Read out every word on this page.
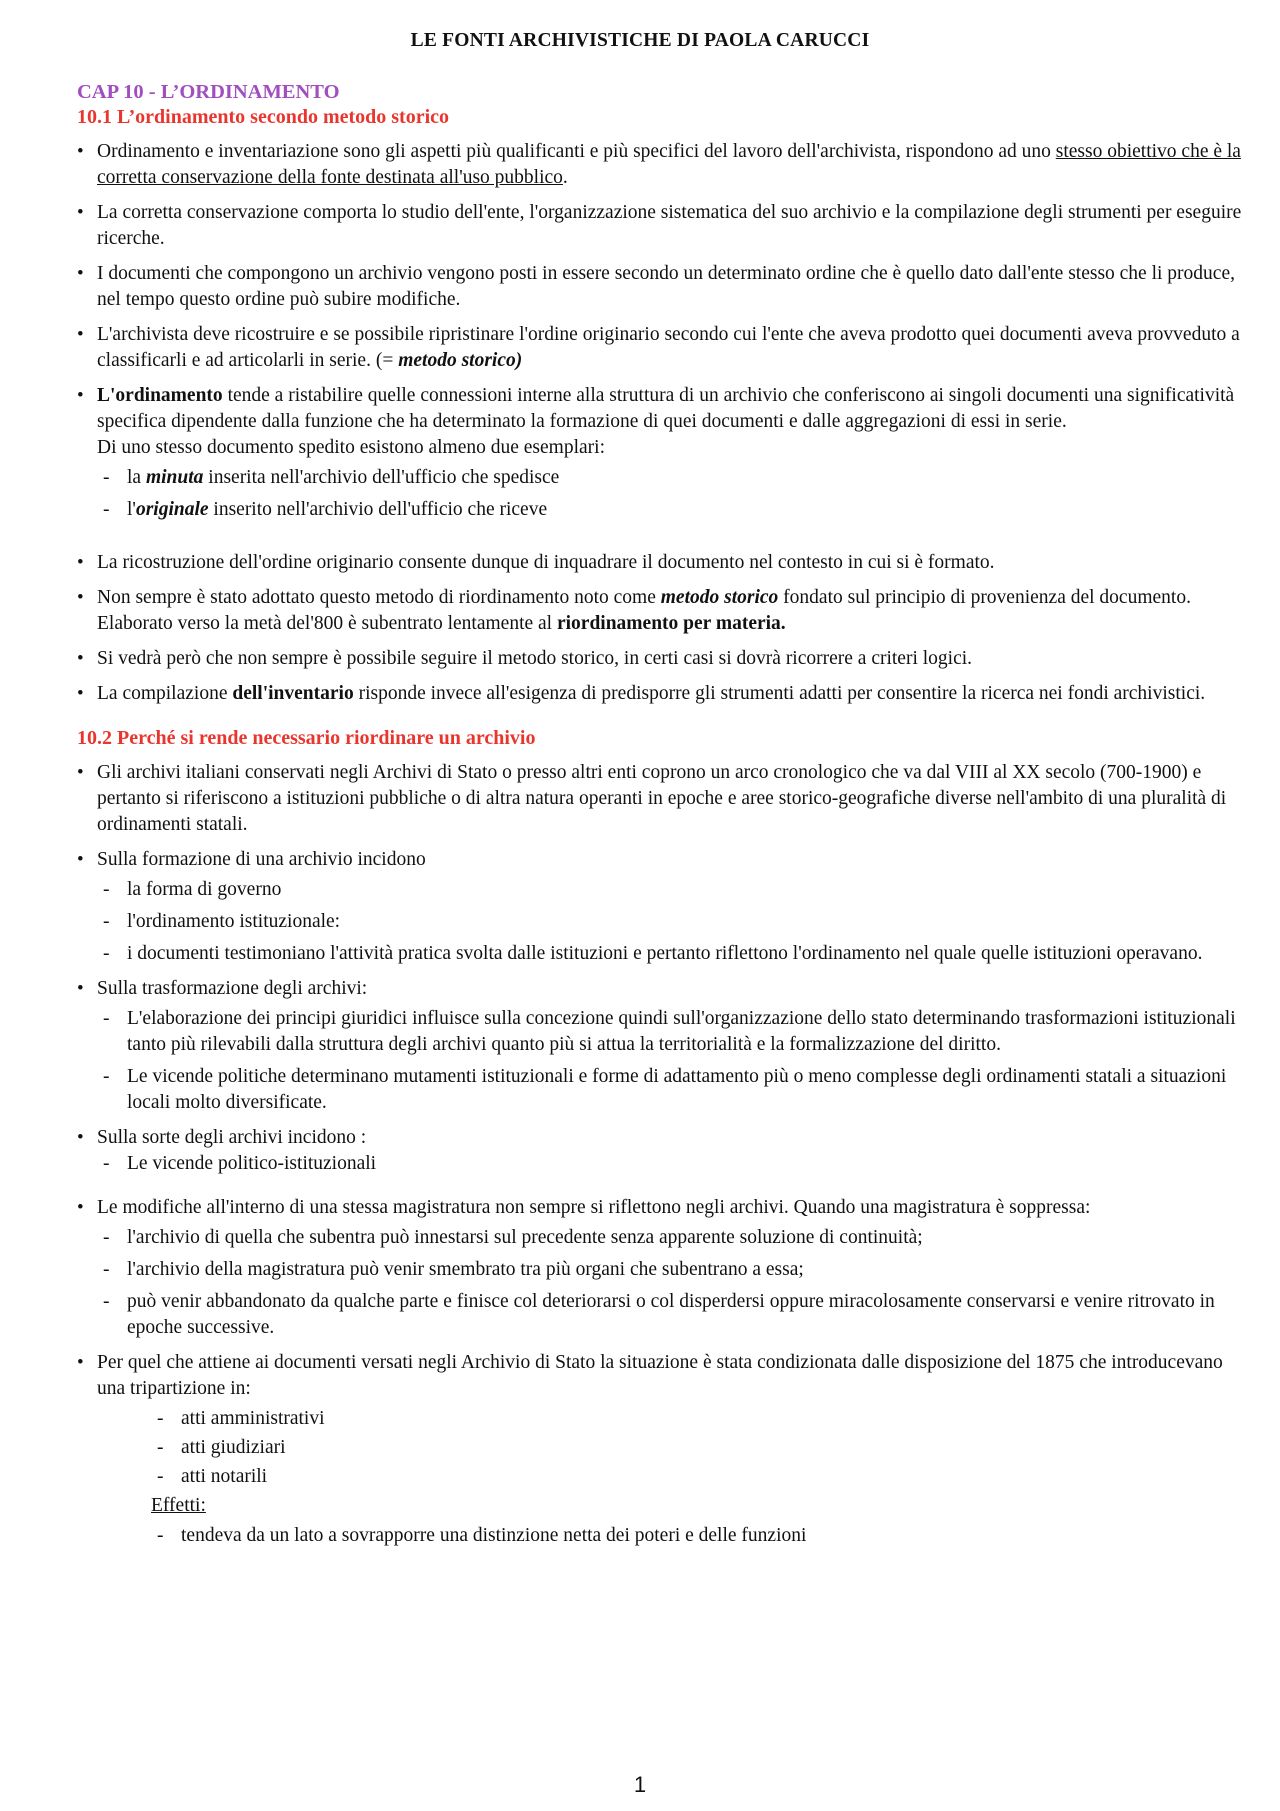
LE FONTI ARCHIVISTICHE DI PAOLA CARUCCI
CAP 10 - L’ORDINAMENTO
10.1 L’ordinamento secondo metodo storico
• Ordinamento e inventariazione sono gli aspetti più qualificanti e più specifici del lavoro dell'archivista, rispondono ad uno stesso obiettivo che è la corretta conservazione della fonte destinata all'uso pubblico.
• La corretta conservazione comporta lo studio dell'ente, l'organizzazione sistematica del suo archivio e la compilazione degli strumenti per eseguire ricerche.
• I documenti che compongono un archivio vengono posti in essere secondo un determinato ordine che è quello dato dall'ente stesso che li produce, nel tempo questo ordine può subire modifiche.
• L'archivista deve ricostruire e se possibile ripristinare l'ordine originario secondo cui l'ente che aveva prodotto quei documenti aveva provveduto a classificarli e ad articolarli in serie. (= metodo storico)
• L'ordinamento tende a ristabilire quelle connessioni interne alla struttura di un archivio che conferiscono ai singoli documenti una significatività specifica dipendente dalla funzione che ha determinato la formazione di quei documenti e dalle aggregazioni di essi in serie.
Di uno stesso documento spedito esistono almeno due esemplari:
- la minuta inserita nell'archivio dell'ufficio che spedisce
- l'originale inserito nell'archivio dell'ufficio che riceve
• La ricostruzione dell'ordine originario consente dunque di inquadrare il documento nel contesto in cui si è formato.
• Non sempre è stato adottato questo metodo di riordinamento noto come metodo storico fondato sul principio di provenienza del documento. Elaborato verso la metà del'800 è subentrato lentamente al riordinamento per materia.
• Si vedrà però che non sempre è possibile seguire il metodo storico, in certi casi si dovrà ricorrere a criteri logici.
• La compilazione dell'inventario risponde invece all'esigenza di predisporre gli strumenti adatti per consentire la ricerca nei fondi archivistici.
10.2 Perché si rende necessario riordinare un archivio
• Gli archivi italiani conservati negli Archivi di Stato o presso altri enti coprono un arco cronologico che va dal VIII al XX secolo (700-1900) e pertanto si riferiscono a istituzioni pubbliche o di altra natura operanti in epoche e aree storico-geografiche diverse nell'ambito di una pluralità di ordinamenti statali.
• Sulla formazione di una archivio incidono
- la forma di governo
- l'ordinamento istituzionale:
- i documenti testimoniano l'attività pratica svolta dalle istituzioni e pertanto riflettono l'ordinamento nel quale quelle istituzioni operavano.
• Sulla trasformazione degli archivi:
- L'elaborazione dei principi giuridici influisce sulla concezione quindi sull'organizzazione dello stato determinando trasformazioni istituzionali tanto più rilevabili dalla struttura degli archivi quanto più si attua la territorialità e la formalizzazione del diritto.
- Le vicende politiche determinano mutamenti istituzionali e forme di adattamento più o meno complesse degli ordinamenti statali a situazioni locali molto diversificate.
• Sulla sorte degli archivi incidono :
- Le vicende politico-istituzionali
• Le modifiche all'interno di una stessa magistratura non sempre si riflettono negli archivi. Quando una magistratura è soppressa:
- l'archivio di quella che subentra può innestarsi sul precedente senza apparente soluzione di continuità;
- l'archivio della magistratura può venir smembrato tra più organi che subentrano a essa;
- può venir abbandonato da qualche parte e finisce col deteriorarsi o col disperdersi oppure miracolosamente conservarsi e venire ritrovato in epoche successive.
• Per quel che attiene ai documenti versati negli Archivio di Stato la situazione è stata condizionata dalle disposizione del 1875 che introducevano una tripartizione in:
- atti amministrativi
- atti giudiziari
- atti notarili
Effetti:
- tendeva da un lato a sovrapporre una distinzione netta dei poteri e delle funzioni
1
